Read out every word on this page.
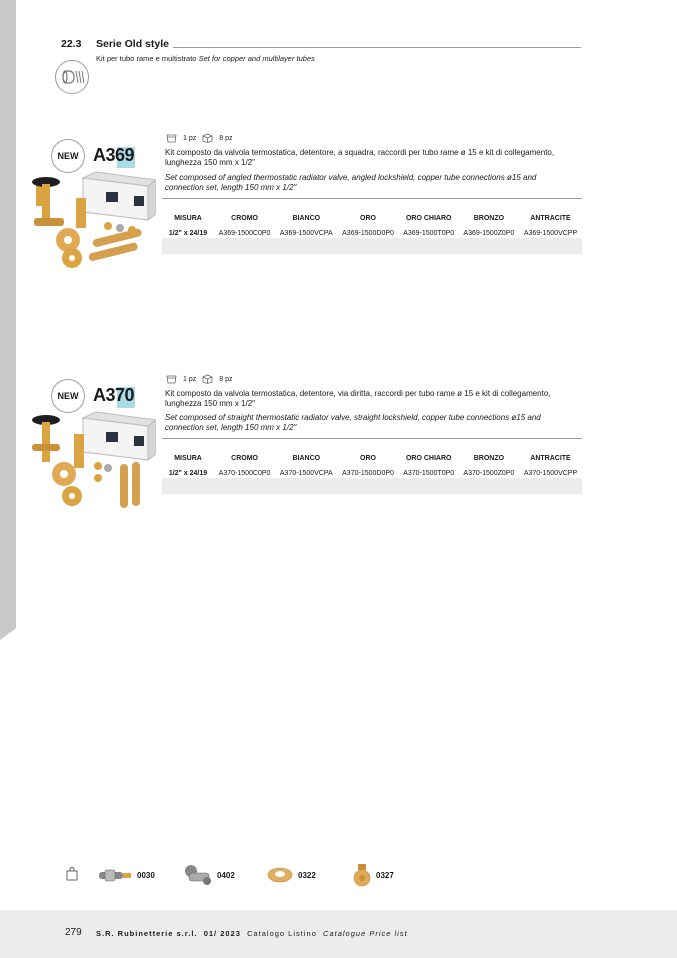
22.3 Serie Old style
Kit per tubo rame e multistrato Set for copper and multilayer tubes
NEW A369
1 pz	8 pz
Kit composto da valvola termostatica, detentore, a squadra, raccordi per tubo rame ø 15 e kit di collegamento, lunghezza 150 mm x 1/2"
Set composed of angled thermostatic radiator valve, angled lockshield, copper tube connections ø15 and connection set, length 150 mm x 1/2"
MISURA	CROMO	BIANCO	ORO	ORO CHIARO	BRONZO	ANTRACITE
1/2" x 24/19	A369-1500C0P0	A369-1500VCPA	A369-1500D0P0	A369-1500T0P0	A369-1500Z0P0	A369-1500VCPP
NEW A370
1 pz	8 pz
Kit composto da valvola termostatica, detentore, via diritta, raccordi per tubo rame ø 15 e kit di collegamento, lunghezza 150 mm x 1/2"
Set composed of straight thermostatic radiator valve, straight lockshield, copper tube connections ø15 and connection set, length 150 mm x 1/2"
MISURA	CROMO	BIANCO	ORO	ORO CHIARO	BRONZO	ANTRACITE
1/2" x 24/19	A370-1500C0P0	A370-1500VCPA	A370-1500D0P0	A370-1500T0P0	A370-1500Z0P0	A370-1500VCPP
0030	0402	0322	0327
279 S.R. Rubinetterie s.r.l. 01/ 2023 Catalogo Listino Catalogue Price list
